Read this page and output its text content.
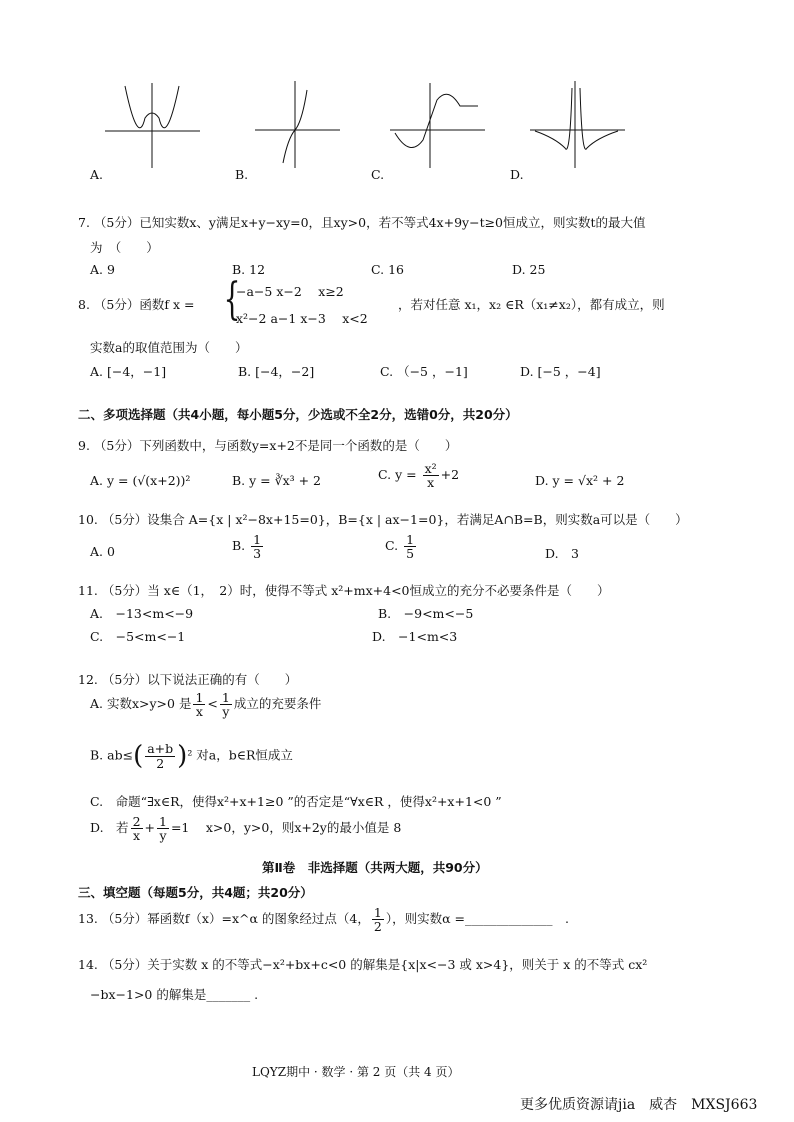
A.	B.	C.	D.
7. （5分）已知实数x、y满足x+y−xy=0，且xy>0，若不等式4x+9y−t≥0恒成立，则实数t的最大值
为　（　　）
A. 9	B. 12	C. 16	D. 25
8. （5分）函数f x = {
−a−5 x−2　 x≥2
x²−2 a−1 x−3　 x<2
，若对任意 x₁，x₂ ∈R（x₁≠x₂），都有成立，则
实数a的取值范围为（　　）
A. [−4，−1]	B. [−4，−2]	C. （−5 ，−1]	D. [−5 ，−4]
二、多项选择题（共4小题，每小题5分，少选或不全2分，选错0分，共20分）
9. （5分）下列函数中，与函数y=x+2不是同一个函数的是（　　）
A. y = (√(x+2))²	B. y = ∛x³ + 2	C. $y = \frac{\text{x²}}{x} +2$	D. y = √x² + 2
10. （5分）设集合 A={x | x²−8x+15=0}，B={x | ax−1=0}，若满足A∩B=B，则实数a可以是（　　）
A. 0	B. $\frac{1}{3}$	C. $\frac{1}{5}$	D.　3
11. （5分）当 x∈（1，　2）时，使得不等式 x²+mx+4<0恒成立的充分不必要条件是（　　）
A.　−13<m<−9	B.　−9<m<−5
C.　−5<m<−1	D.　−1<m<3
12. （5分）以下说法正确的有（　　）
A. 实数x>y>0 是 $\frac{1}{x} < \frac{1}{y}$ 成立的充要条件
B. $ab\le( \frac{a+b}{2} )^2$ 对a，b∈R恒成立
C.　命题“∃x∈R，使得x²+x+1≥0 ”的否定是“∀x∈R ，使得x²+x+1<0 ”
D.　若 $\frac{2}{x} + \frac{1}{y} =1$　 x>0，y>0，则x+2y的最小值是 8
第Ⅱ卷　非选择题（共两大题，共90分）
三、填空题（每题5分，共4题；共20分）
13. （5分）幂函数f（x）=x^α 的图象经过点（4， $\frac{1}{2}$ ），则实数α =______________　.
14. （5分）关于实数 x 的不等式−x²+bx+c<0 的解集是{x|x<−3 或 x>4}，则关于 x 的不等式 cx²
−bx−1>0 的解集是_______ .
LQYZ期中 · 数学 · 第 2 页（共 4 页）
更多优质资源请jia　威杏　MXSJ663
